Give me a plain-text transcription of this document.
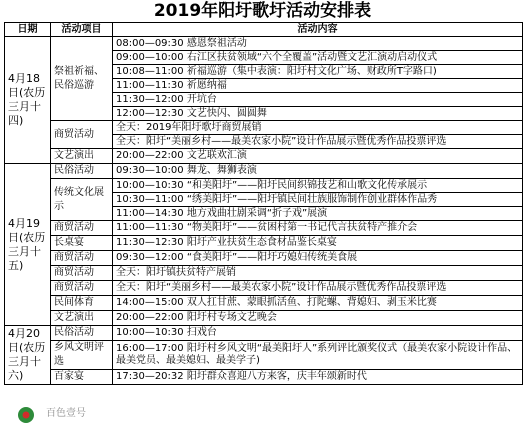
2019年阳圩歌圩活动安排表
日期	活动项目	活动内容
4月18日(农历三月十四)	祭祖祈福、民俗巡游	08:00—09:30 感恩祭祖活动
		09:00—10:00 右江区扶贫领域“六个全覆盖”活动暨文艺汇演动启动仪式
		10:08—11:00 祈福巡游（集中表演：阳圩村文化广场、财政所T字路口)
		11:00—11:30 祈愿纳福
		11:30—12:00 开坑台
		12:00—12:30 文艺快闪、圆圆舞
	商贸活动	全天：2019年阳圩歌圩商贸展销
		全天：阳圩“美丽乡村——最美农家小院”设计作品展示暨优秀作品投票评选
	文艺演出	20:00—22:00 文艺联欢汇演
4月19日(农历三月十五)	民俗活动	09:30—10:00 舞龙、舞狮表演
	传统文化展示	10:00—10:30 “和美阳圩”——阳圩民间织锦技艺和山歌文化传承展示
		10:30—11:00 “绣美阳圩”——阳圩镇民间壮族服饰制作创业群体作品秀
		11:00—14:30 地方戏曲壮剧采调“折子戏”展演
	商贸活动	11:00—11:30 “物美阳圩”——贫困村第一书记代言扶贫特产推介会
	长桌宴	11:30—12:30 阳圩产业扶贫生态食材品鉴长桌宴
	商贸活动	09:30—12:00 “食美阳圩”——阳圩巧媳妇传统美食展
	商贸活动	全天：阳圩镇扶贫特产展销
	商贸活动	全天：阳圩“美丽乡村——最美农家小院”设计作品展示暨优秀作品投票评选
	民间体育	14:00—15:00 双人扛甘蔗、蒙眼抓活鱼、打陀螺、背媳妇、剥玉米比赛
	文艺演出	20:00—22:00 阳圩村专场文艺晚会
4月20日(农历三月十六)	民俗活动	10:00—10:30 扫戏台
	乡风文明评选	16:00—17:00 阳圩村乡风文明“最美阳圩人”系列评比颁奖仪式（最美农家小院设计作品、最美党员、最美媳妇、最美学子)
	百家宴	17:30—20:32 阳圩群众喜迎八方来客，庆丰年颂新时代
百色壹号
